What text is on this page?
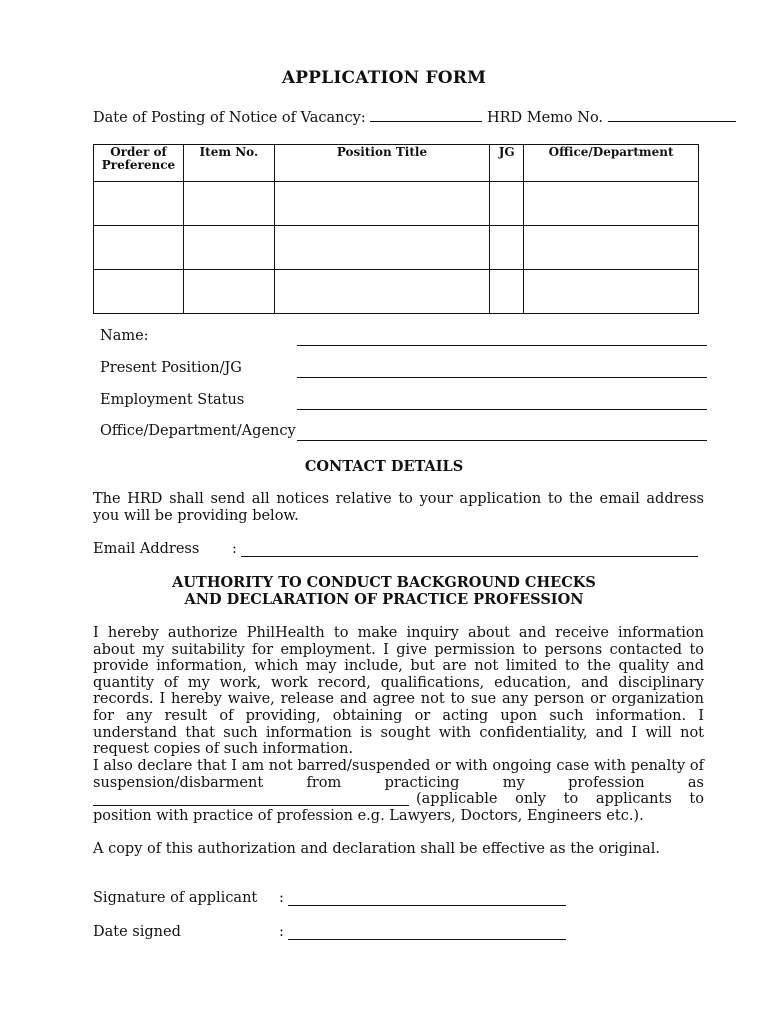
APPLICATION FORM
Date of Posting of Notice of Vacancy:	HRD Memo No.
Order of Preference	Item No.	Position Title	JG	Office/Department

Name:
Present Position/JG
Employment Status
Office/Department/Agency
CONTACT DETAILS
The HRD shall send all notices relative to your application to the email address you will be providing below.
Email Address :
AUTHORITY TO CONDUCT BACKGROUND CHECKS
AND DECLARATION OF PRACTICE PROFESSION
I hereby authorize PhilHealth to make inquiry about and receive information about my suitability for employment. I give permission to persons contacted to provide information, which may include, but are not limited to the quality and quantity of my work, work record, qualifications, education, and disciplinary records. I hereby waive, release and agree not to sue any person or organization for any result of providing, obtaining or acting upon such information. I understand that such information is sought with confidentiality, and I will not request copies of such information.
I also declare that I am not barred/suspended or with ongoing case with penalty of suspension/disbarment from practicing my profession as
(applicable only to applicants to position with practice of profession e.g. Lawyers, Doctors, Engineers etc.).
A copy of this authorization and declaration shall be effective as the original.
Signature of applicant :
Date signed	:
